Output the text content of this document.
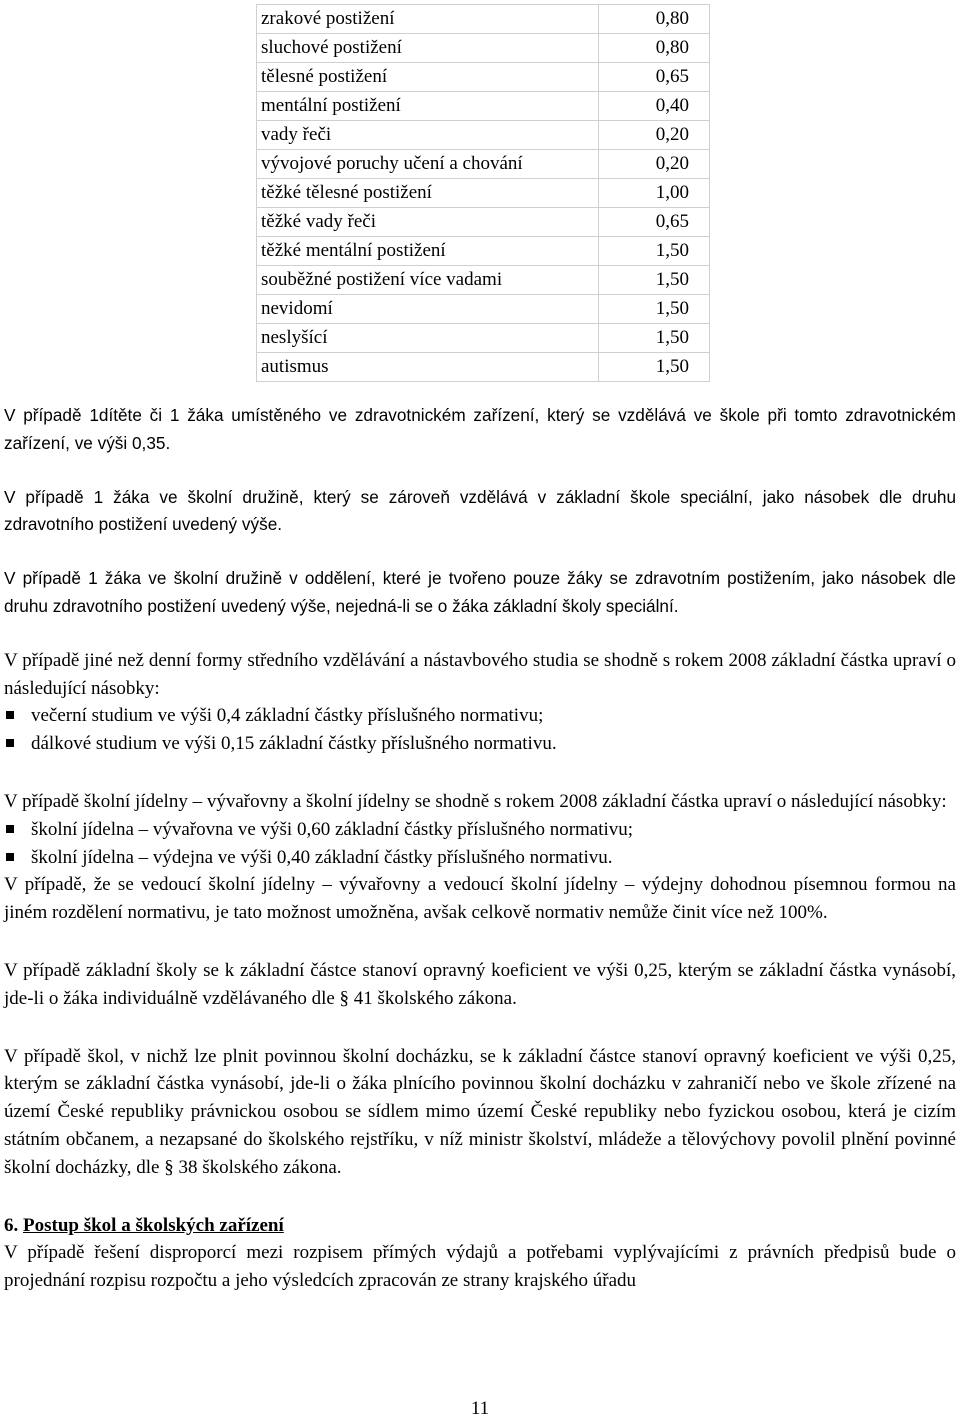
zrakové postižení	0,80
sluchové postižení	0,80
tělesné postižení	0,65
mentální postižení	0,40
vady řeči	0,20
vývojové poruchy učení a chování	0,20
těžké tělesné postižení	1,00
těžké vady řeči	0,65
těžké mentální postižení	1,50
souběžné postižení více vadami	1,50
nevidomí	1,50
neslyšící	1,50
autismus	1,50

V případě 1dítěte či 1 žáka umístěného ve zdravotnickém zařízení, který se vzdělává ve škole při tomto zdravotnickém zařízení, ve výši 0,35.

V případě 1 žáka ve školní družině, který se zároveň vzdělává v základní škole speciální, jako násobek dle druhu zdravotního postižení uvedený výše.

V případě 1 žáka ve školní družině v oddělení, které je tvořeno pouze žáky se zdravotním postižením, jako násobek dle druhu zdravotního postižení uvedený výše, nejedná-li se o žáka základní školy speciální.

V případě jiné než denní formy středního vzdělávání a nástavbového studia se shodně s rokem 2008 základní částka upraví o následující násobky:

večerní studium ve výši 0,4 základní částky příslušného normativu;
dálkové studium ve výši 0,15 základní částky příslušného normativu.

V případě školní jídelny – vývařovny a školní jídelny se shodně s rokem 2008 základní částka upraví o následující násobky:

školní jídelna – vývařovna ve výši 0,60 základní částky příslušného normativu;
školní jídelna – výdejna ve výši 0,40 základní částky příslušného normativu.

V případě, že se vedoucí školní jídelny – vývařovny a vedoucí školní jídelny – výdejny dohodnou písemnou formou na jiném rozdělení normativu, je tato možnost umožněna, avšak celkově normativ nemůže činit více než 100%.

V případě základní školy se k základní částce stanoví opravný koeficient ve výši 0,25, kterým se základní částka vynásobí, jde-li o žáka individuálně vzdělávaného dle § 41 školského zákona.

V případě škol, v nichž lze plnit povinnou školní docházku, se k základní částce stanoví opravný koeficient ve výši 0,25, kterým se základní částka vynásobí, jde-li o žáka plnícího povinnou školní docházku v zahraničí nebo ve škole zřízené na území České republiky právnickou osobou se sídlem mimo území České republiky nebo fyzickou osobou, která je cizím státním občanem, a nezapsané do školského rejstříku, v níž ministr školství, mládeže a tělovýchovy povolil plnění povinné školní docházky, dle § 38 školského zákona.

6. Postup škol a školských zařízení

V případě řešení disproporcí mezi rozpisem přímých výdajů a potřebami vyplývajícími z právních předpisů bude o projednání rozpisu rozpočtu a jeho výsledcích zpracován ze strany krajského úřadu

11
